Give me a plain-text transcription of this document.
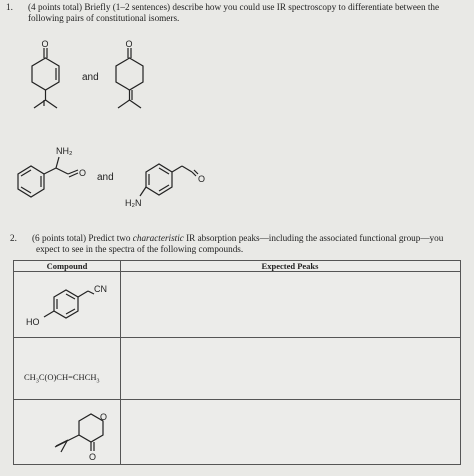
1. (4 points total) Briefly (1–2 sentences) describe how you could use IR spectroscopy to differentiate between the
following pairs of constitutional isomers.
O
and
O
NH₂
O and	O
H₂N
2. (6 points total) Predict two characteristic IR absorption peaks—including the associated functional group—you
expect to see in the spectra of the following compounds.
Compound	Expected Peaks
CN
HO
$CH_3C(O)CH=CHCH_3$
O
O
